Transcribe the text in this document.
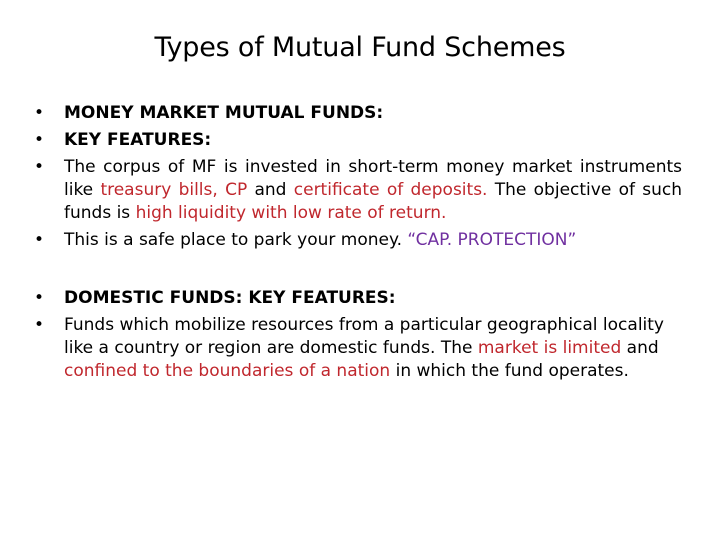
Types of Mutual Fund Schemes
• MONEY MARKET MUTUAL FUNDS:
• KEY FEATURES:
• The corpus of MF is invested in short-term money market instruments like treasury bills, CP and certificate of deposits. The objective of such funds is high liquidity with low rate of return.
• This is a safe place to park your money. “CAP. PROTECTION”
• DOMESTIC FUNDS: KEY FEATURES:
• Funds which mobilize resources from a particular geographical locality like a country or region are domestic funds. The market is limited and confined to the boundaries of a nation in which the fund operates.
